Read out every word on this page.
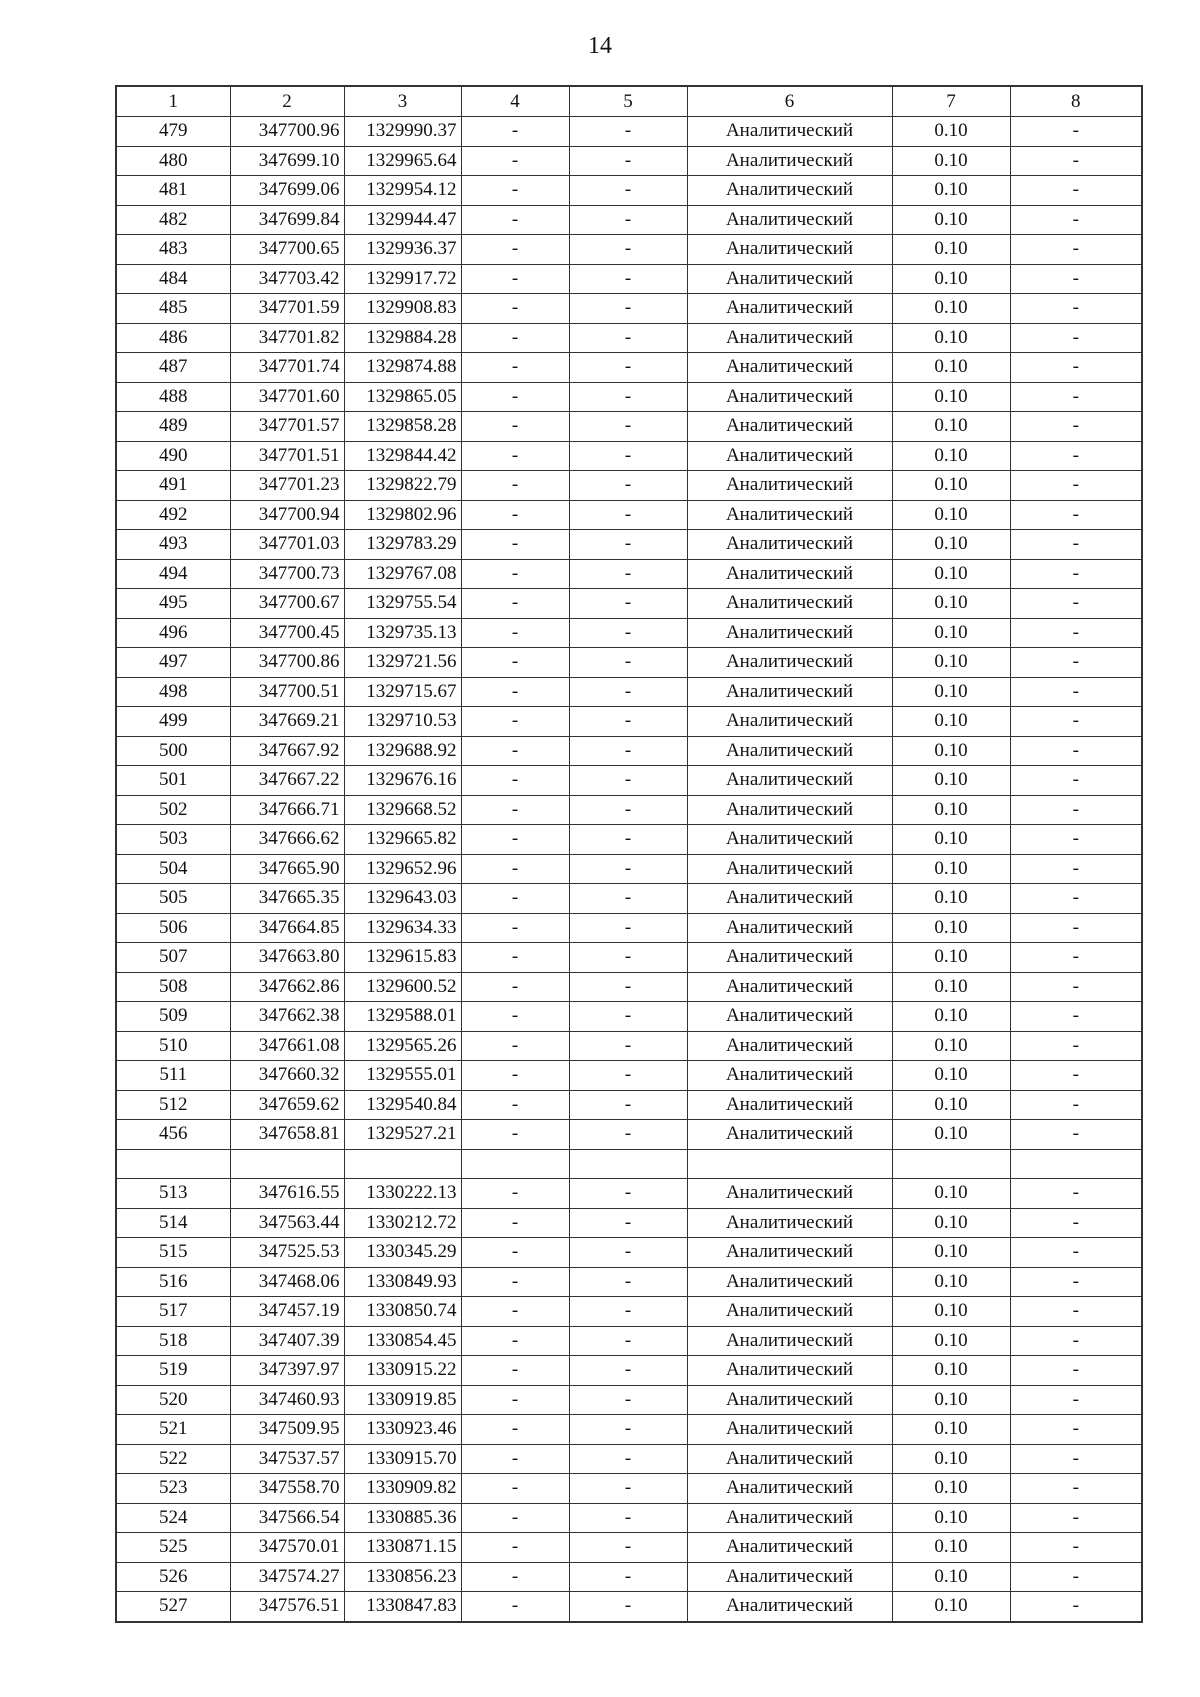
14
1	2	3	4	5	6	7	8
479	347700.96	1329990.37	-	-	Аналитический	0.10	-
480	347699.10	1329965.64	-	-	Аналитический	0.10	-
481	347699.06	1329954.12	-	-	Аналитический	0.10	-
482	347699.84	1329944.47	-	-	Аналитический	0.10	-
483	347700.65	1329936.37	-	-	Аналитический	0.10	-
484	347703.42	1329917.72	-	-	Аналитический	0.10	-
485	347701.59	1329908.83	-	-	Аналитический	0.10	-
486	347701.82	1329884.28	-	-	Аналитический	0.10	-
487	347701.74	1329874.88	-	-	Аналитический	0.10	-
488	347701.60	1329865.05	-	-	Аналитический	0.10	-
489	347701.57	1329858.28	-	-	Аналитический	0.10	-
490	347701.51	1329844.42	-	-	Аналитический	0.10	-
491	347701.23	1329822.79	-	-	Аналитический	0.10	-
492	347700.94	1329802.96	-	-	Аналитический	0.10	-
493	347701.03	1329783.29	-	-	Аналитический	0.10	-
494	347700.73	1329767.08	-	-	Аналитический	0.10	-
495	347700.67	1329755.54	-	-	Аналитический	0.10	-
496	347700.45	1329735.13	-	-	Аналитический	0.10	-
497	347700.86	1329721.56	-	-	Аналитический	0.10	-
498	347700.51	1329715.67	-	-	Аналитический	0.10	-
499	347669.21	1329710.53	-	-	Аналитический	0.10	-
500	347667.92	1329688.92	-	-	Аналитический	0.10	-
501	347667.22	1329676.16	-	-	Аналитический	0.10	-
502	347666.71	1329668.52	-	-	Аналитический	0.10	-
503	347666.62	1329665.82	-	-	Аналитический	0.10	-
504	347665.90	1329652.96	-	-	Аналитический	0.10	-
505	347665.35	1329643.03	-	-	Аналитический	0.10	-
506	347664.85	1329634.33	-	-	Аналитический	0.10	-
507	347663.80	1329615.83	-	-	Аналитический	0.10	-
508	347662.86	1329600.52	-	-	Аналитический	0.10	-
509	347662.38	1329588.01	-	-	Аналитический	0.10	-
510	347661.08	1329565.26	-	-	Аналитический	0.10	-
511	347660.32	1329555.01	-	-	Аналитический	0.10	-
512	347659.62	1329540.84	-	-	Аналитический	0.10	-
456	347658.81	1329527.21	-	-	Аналитический	0.10	-

513	347616.55	1330222.13	-	-	Аналитический	0.10	-
514	347563.44	1330212.72	-	-	Аналитический	0.10	-
515	347525.53	1330345.29	-	-	Аналитический	0.10	-
516	347468.06	1330849.93	-	-	Аналитический	0.10	-
517	347457.19	1330850.74	-	-	Аналитический	0.10	-
518	347407.39	1330854.45	-	-	Аналитический	0.10	-
519	347397.97	1330915.22	-	-	Аналитический	0.10	-
520	347460.93	1330919.85	-	-	Аналитический	0.10	-
521	347509.95	1330923.46	-	-	Аналитический	0.10	-
522	347537.57	1330915.70	-	-	Аналитический	0.10	-
523	347558.70	1330909.82	-	-	Аналитический	0.10	-
524	347566.54	1330885.36	-	-	Аналитический	0.10	-
525	347570.01	1330871.15	-	-	Аналитический	0.10	-
526	347574.27	1330856.23	-	-	Аналитический	0.10	-
527	347576.51	1330847.83	-	-	Аналитический	0.10	-
